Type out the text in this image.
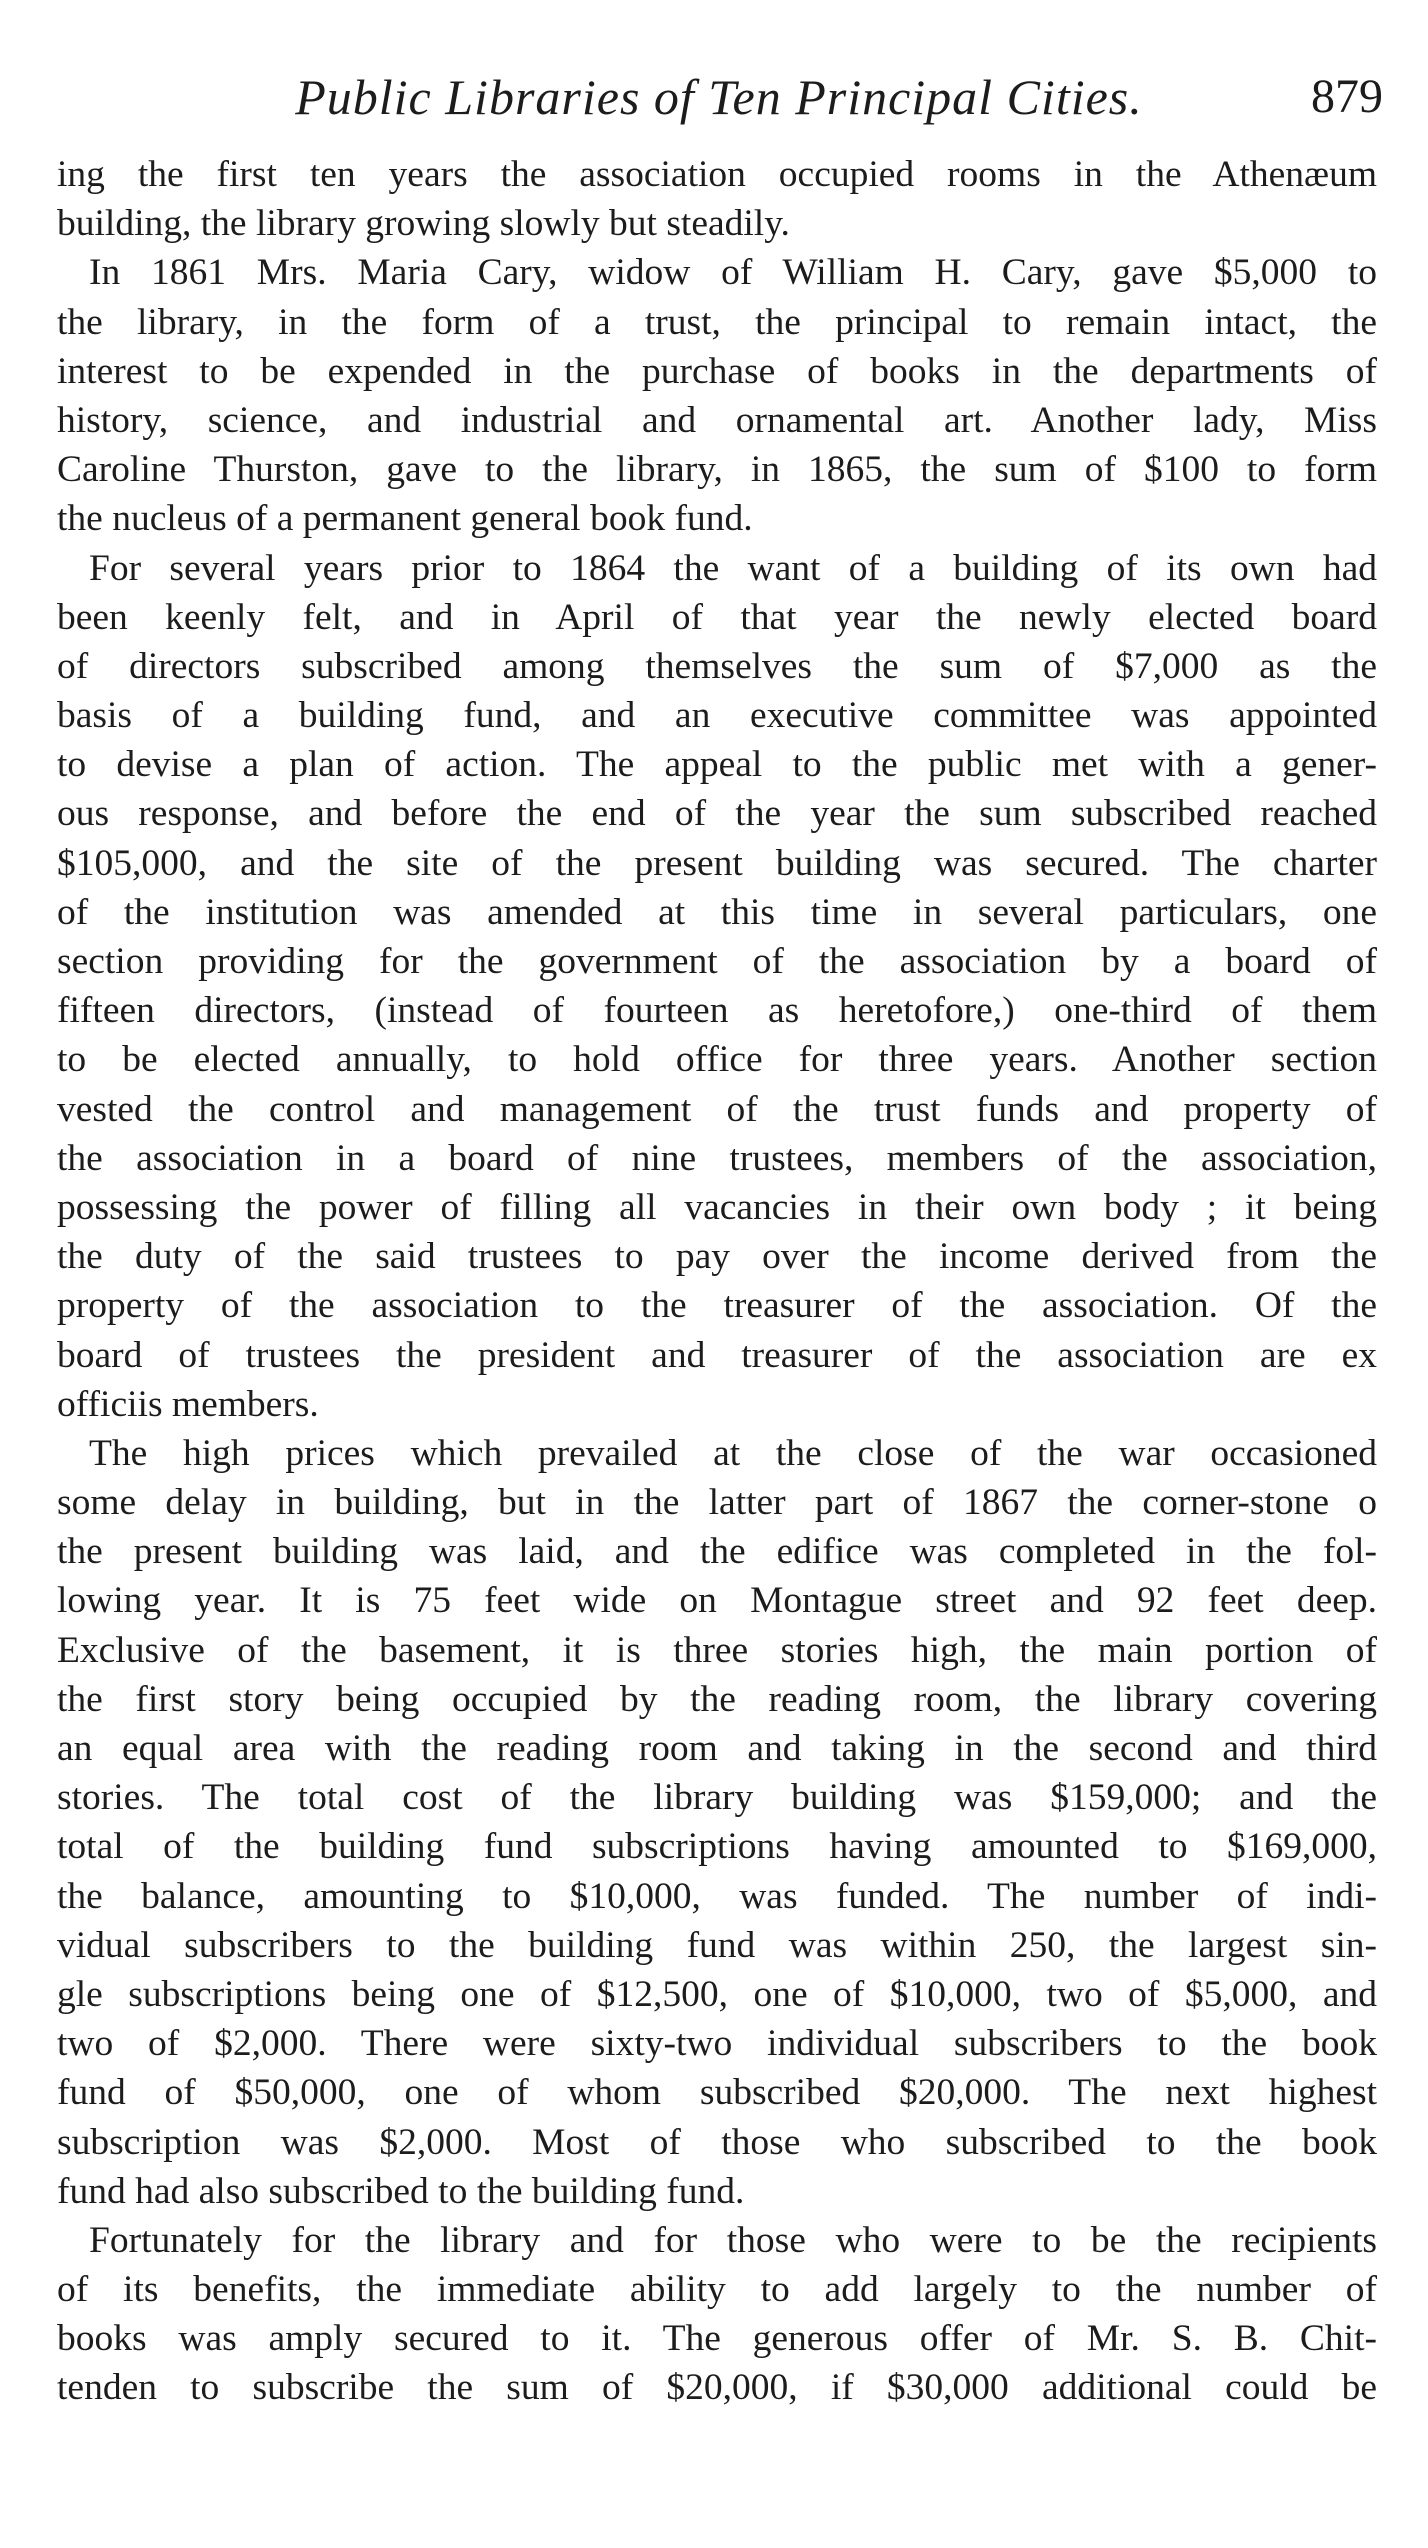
Public Libraries of Ten Principal Cities.	879
ing the first ten years the association occupied rooms in the Athenæum
building, the library growing slowly but steadily.
In 1861 Mrs. Maria Cary, widow of William H. Cary, gave $5,000 to
the library, in the form of a trust, the principal to remain intact, the
interest to be expended in the purchase of books in the departments of
history, science, and industrial and ornamental art. Another lady, Miss
Caroline Thurston, gave to the library, in 1865, the sum of $100 to form
the nucleus of a permanent general book fund.
For several years prior to 1864 the want of a building of its own had
been keenly felt, and in April of that year the newly elected board
of directors subscribed among themselves the sum of $7,000 as the
basis of a building fund, and an executive committee was appointed
to devise a plan of action. The appeal to the public met with a gener-
ous response, and before the end of the year the sum subscribed reached
$105,000, and the site of the present building was secured. The charter
of the institution was amended at this time in several particulars, one
section providing for the government of the association by a board of
fifteen directors, (instead of fourteen as heretofore,) one-third of them
to be elected annually, to hold office for three years. Another section
vested the control and management of the trust funds and property of
the association in a board of nine trustees, members of the association,
possessing the power of filling all vacancies in their own body ; it being
the duty of the said trustees to pay over the income derived from the
property of the association to the treasurer of the association. Of the
board of trustees the president and treasurer of the association are ex
officiis members.
The high prices which prevailed at the close of the war occasioned
some delay in building, but in the latter part of 1867 the corner-stone o
the present building was laid, and the edifice was completed in the fol-
lowing year. It is 75 feet wide on Montague street and 92 feet deep.
Exclusive of the basement, it is three stories high, the main portion of
the first story being occupied by the reading room, the library covering
an equal area with the reading room and taking in the second and third
stories. The total cost of the library building was $159,000; and the
total of the building fund subscriptions having amounted to $169,000,
the balance, amounting to $10,000, was funded. The number of indi-
vidual subscribers to the building fund was within 250, the largest sin-
gle subscriptions being one of $12,500, one of $10,000, two of $5,000, and
two of $2,000. There were sixty-two individual subscribers to the book
fund of $50,000, one of whom subscribed $20,000. The next highest
subscription was $2,000. Most of those who subscribed to the book
fund had also subscribed to the building fund.
Fortunately for the library and for those who were to be the recipients
of its benefits, the immediate ability to add largely to the number of
books was amply secured to it. The generous offer of Mr. S. B. Chit-
tenden to subscribe the sum of $20,000, if $30,000 additional could be
